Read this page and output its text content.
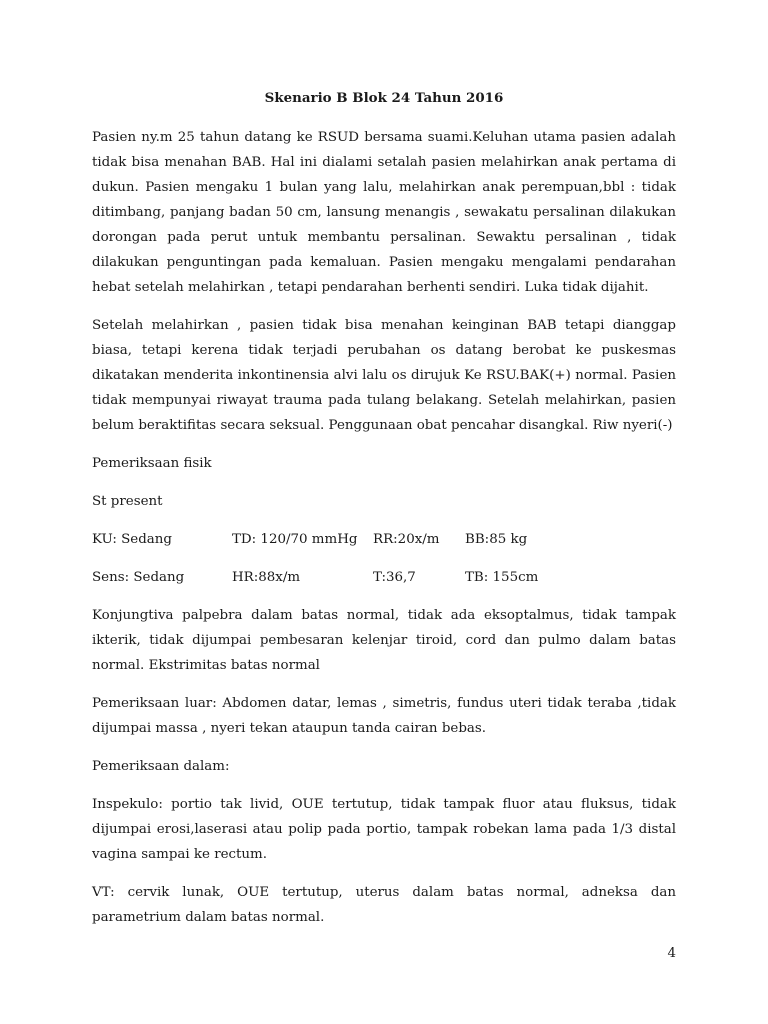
Skenario B Blok 24 Tahun 2016
Pasien ny.m 25 tahun datang ke RSUD bersama suami.Keluhan utama pasien adalah tidak bisa menahan BAB. Hal ini dialami setalah pasien melahirkan anak pertama di dukun. Pasien mengaku 1 bulan yang lalu, melahirkan anak perempuan,bbl : tidak ditimbang, panjang badan 50 cm, lansung menangis , sewakatu persalinan dilakukan dorongan pada perut untuk membantu persalinan. Sewaktu persalinan , tidak dilakukan penguntingan pada kemaluan. Pasien mengaku mengalami pendarahan hebat setelah melahirkan , tetapi pendarahan berhenti sendiri. Luka tidak dijahit.
Setelah melahirkan , pasien tidak bisa menahan keinginan BAB tetapi dianggap biasa, tetapi kerena tidak terjadi perubahan os datang berobat ke puskesmas dikatakan menderita inkontinensia alvi lalu os dirujuk Ke RSU.BAK(+) normal. Pasien tidak mempunyai riwayat trauma pada tulang belakang. Setelah melahirkan, pasien belum beraktifitas secara seksual. Penggunaan obat pencahar disangkal. Riw nyeri(-)
Pemeriksaan fisik
St present
KU: Sedang	TD: 120/70 mmHg	RR:20x/m	BB:85 kg
Sens: Sedang	HR:88x/m	T:36,7	TB: 155cm
Konjungtiva palpebra dalam batas normal, tidak ada eksoptalmus, tidak tampak ikterik, tidak dijumpai pembesaran kelenjar tiroid, cord dan pulmo dalam batas normal. Ekstrimitas batas normal
Pemeriksaan luar: Abdomen datar, lemas , simetris, fundus uteri tidak teraba ,tidak dijumpai massa , nyeri tekan ataupun tanda cairan bebas.
Pemeriksaan dalam:
Inspekulo: portio tak livid, OUE tertutup, tidak tampak fluor atau fluksus, tidak dijumpai erosi,laserasi atau polip pada portio, tampak robekan lama pada 1/3 distal vagina sampai ke rectum.
VT: cervik lunak, OUE tertutup, uterus dalam batas normal, adneksa dan parametrium dalam batas normal.
4
